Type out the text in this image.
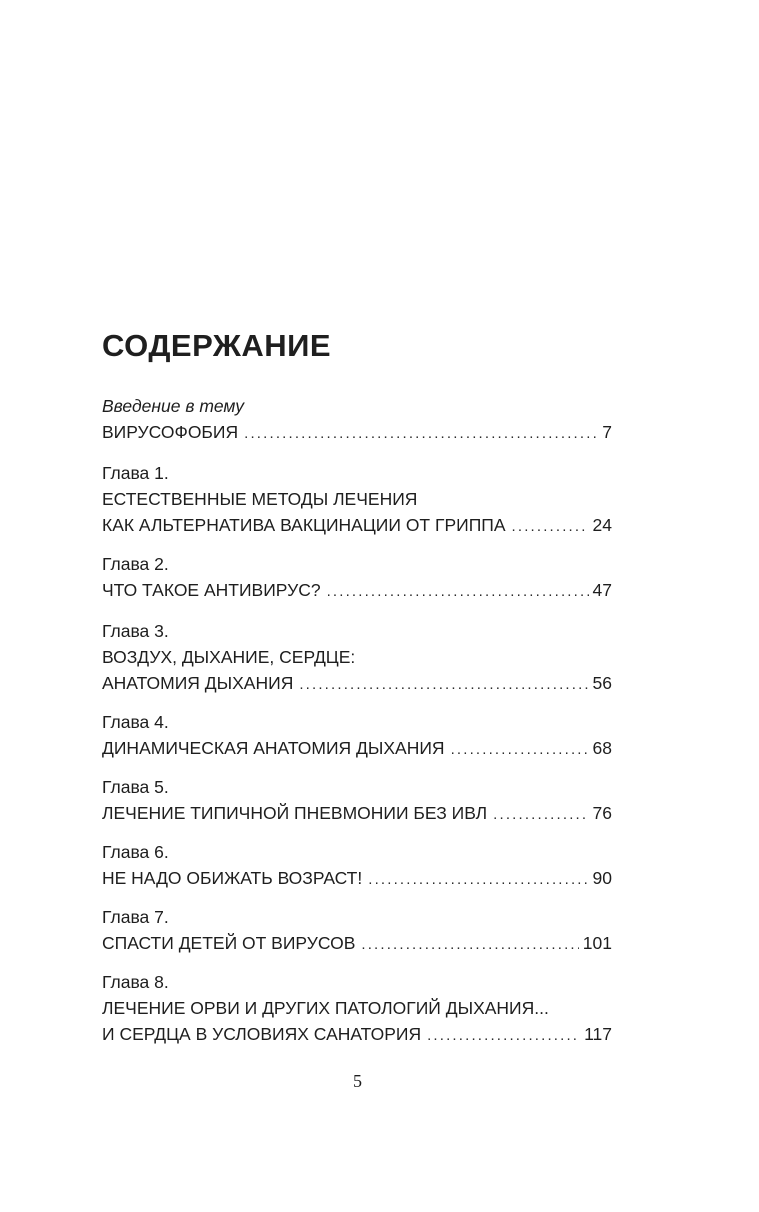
СОДЕРЖАНИЕ
Введение в тему
ВИРУСОФОБИЯ . . .	7
Глава 1.
ЕСТЕСТВЕННЫЕ МЕТОДЫ ЛЕЧЕНИЯ
КАК АЛЬТЕРНАТИВА ВАКЦИНАЦИИ ОТ ГРИППА . . .	24
Глава 2.
ЧТО ТАКОЕ АНТИВИРУС? . . .	47
Глава 3.
ВОЗДУХ, ДЫХАНИЕ, СЕРДЦЕ:
АНАТОМИЯ ДЫХАНИЯ . . .	56
Глава 4.
ДИНАМИЧЕСКАЯ АНАТОМИЯ ДЫХАНИЯ . . .	68
Глава 5.
ЛЕЧЕНИЕ ТИПИЧНОЙ ПНЕВМОНИИ БЕЗ ИВЛ . . .	76
Глава 6.
НЕ НАДО ОБИЖАТЬ ВОЗРАСТ! . . .	90
Глава 7.
СПАСТИ ДЕТЕЙ ОТ ВИРУСОВ . . .	101
Глава 8.
ЛЕЧЕНИЕ ОРВИ И ДРУГИХ ПАТОЛОГИЙ ДЫХАНИЯ...
И СЕРДЦА В УСЛОВИЯХ САНАТОРИЯ . . .	117
5
